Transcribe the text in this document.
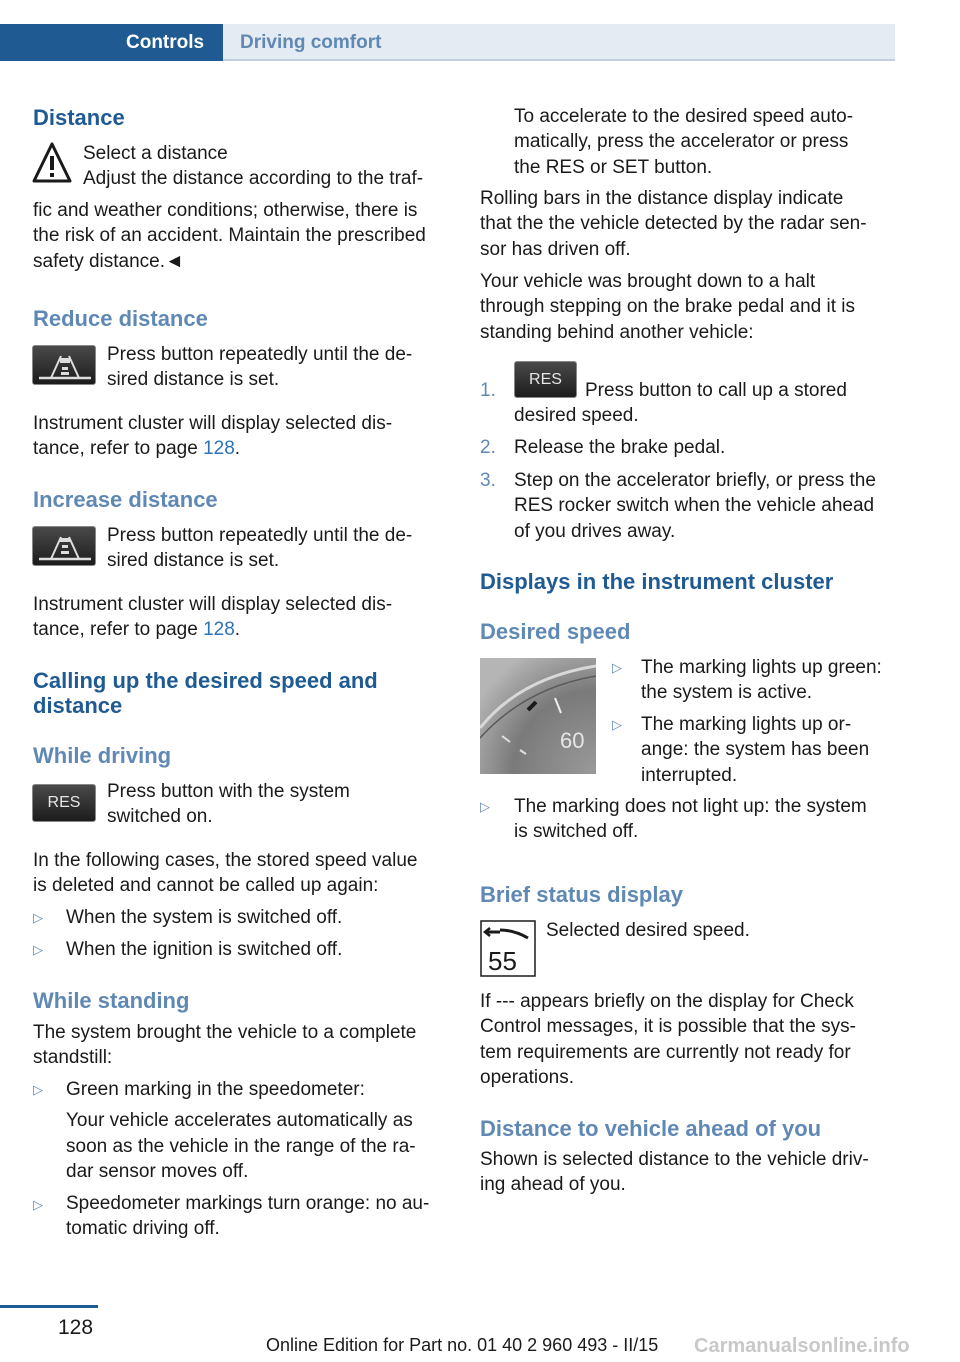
Controls Driving comfort
Distance

Select a distance

Adjust the distance according to the traf-

fic and weather conditions; otherwise, there is

the risk of an accident. Maintain the prescribed

safety distance.◄

Reduce distance

Press button repeatedly until the de-

sired distance is set.

Instrument cluster will display selected dis-

tance, refer to page 128.

Increase distance

Press button repeatedly until the de-

sired distance is set.

Instrument cluster will display selected dis-

tance, refer to page 128.

Calling up the desired speed and
distance
While driving
RES

Press button with the system

switched on.

In the following cases, the stored speed value

is deleted and cannot be called up again:

▷ When the system is switched off.
▷ When the ignition is switched off.
While standing

The system brought the vehicle to a complete

standstill:

▷ Green marking in the speedometer:

Your vehicle accelerates automatically as

soon as the vehicle in the range of the ra-

dar sensor moves off.

▷ Speedometer markings turn orange: no au-

tomatic driving off.

To accelerate to the desired speed auto-

matically, press the accelerator or press

the RES or SET button.

Rolling bars in the distance display indicate

that the the vehicle detected by the radar sen-

sor has driven off.

Your vehicle was brought down to a halt

through stepping on the brake pedal and it is

standing behind another vehicle:

1.
RES
Press button to call up a stored
desired speed.
2. Release the brake pedal.
3. Step on the accelerator briefly, or press the

RES rocker switch when the vehicle ahead

of you drives away.

Displays in the instrument cluster
Desired speed
60
▷ The marking lights up green:

the system is active.

▷ The marking lights up or-

ange: the system has been

interrupted.

▷ The marking does not light up: the system

is switched off.

Brief status display
55
Selected desired speed.

If --- appears briefly on the display for Check

Control messages, it is possible that the sys-

tem requirements are currently not ready for

operations.

Distance to vehicle ahead of you

Shown is selected distance to the vehicle driv-

ing ahead of you.

128
Online Edition for Part no. 01 40 2 960 493 - II/15 Carmanualsonline.info
